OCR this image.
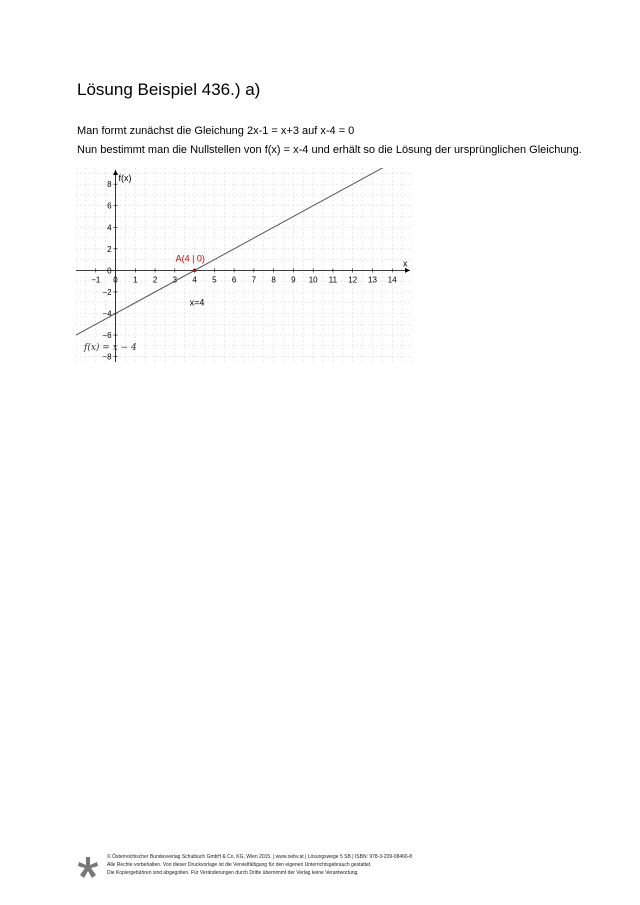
Lösung Beispiel 436.) a)
Man formt zunächst die Gleichung 2x-1 = x+3 auf x-4 = 0
Nun bestimmt man die Nullstellen von f(x) = x-4 und erhält so die Lösung der ursprünglichen Gleichung.
x
f(x)
−1 0 1 2 3 4 5 6 7 8 9 10 11 12 13 14
8
6
4
2
0
−2
−4
−6
−8
A(4 | 0)
x=4
f(x) = x − 4
© Österreichischer Bundesverlag Schulbuch GmbH & Co. KG, Wien 2015. | www.oebv.at | Lösungswege 5 SB | ISBN: 978-3-209-08466-8
Alle Rechte vorbehalten. Von dieser Druckvorlage ist die Vervielfältigung für den eigenen Unterrichtsgebrauch gestattet.
Die Kopiergebühren sind abgegolten. Für Veränderungen durch Dritte übernimmt der Verlag keine Verantwortung.
